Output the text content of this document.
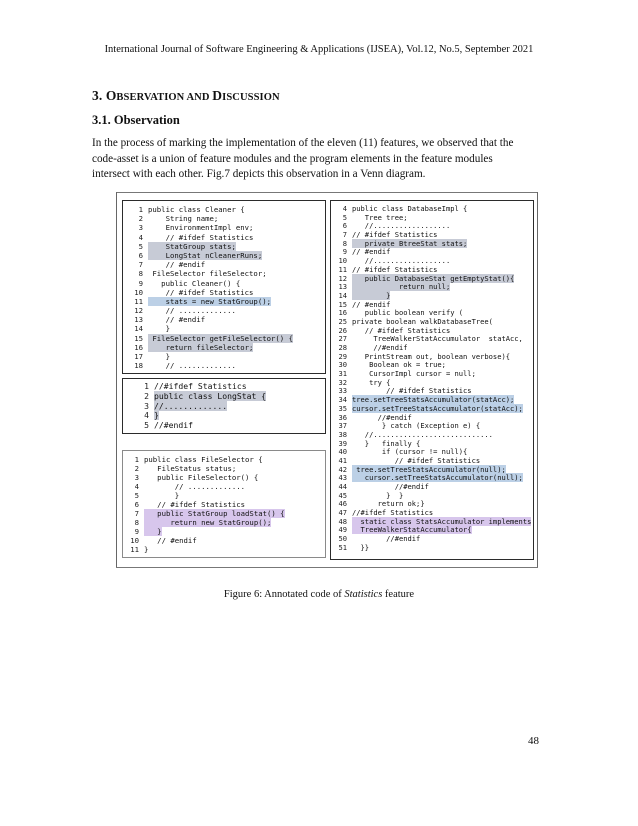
International Journal of Software Engineering & Applications (IJSEA), Vol.12, No.5, September 2021
3. OBSERVATION AND DISCUSSION
3.1. Observation
In the process of marking the implementation of the eleven (11) features, we observed that the code-asset is a union of feature modules and the program elements in the feature modules intersect with each other. Fig.7 depicts this observation in a Venn diagram.
1 public class Cleaner {
2    String name;
3    EnvironmentImpl env;
4    // #ifdef Statistics
5    StatGroup stats;
6    LongStat nCleanerRuns;
7    // #endif
8 FileSelector fileSelector;
9   public Cleaner() {
10    // #ifdef Statistics
11    stats = new StatGroup();
12    // .............
13    // #endif
14    }
15 FileSelector getFileSelector() {
16    return fileSelector;
17    }
18    // .............
1 //#ifdef Statistics
2 public class LongStat {
3 //.............
4 }
5 //#endif
1 public class FileSelector {
2   FileStatus status;
3   public FileSelector() {
4       // .............
5       }
6   // #ifdef Statistics
7   public StatGroup loadStat() {
8      return new StatGroup();
9   }
10   // #endif
11 }
4 public class DatabaseImpl {
5   Tree tree;
6   //..................
7 // #ifdef Statistics
8   private BtreeStat stats;
9 // #endif
10   //..................
11 // #ifdef Statistics
12   public DatabaseStat getEmptyStat(){
13           return null;
14        }
15 // #endif
16   public boolean verify (
25 private boolean walkDatabaseTree(
26   // #ifdef Statistics
27     TreeWalkerStatAccumulator  statAcc,
28     //#endif
29   PrintStream out, boolean verbose){
30    Boolean ok = true;
31    CursorImpl cursor = null;
32    try {
33        // #ifdef Statistics
34 tree.setTreeStatsAccumulator(statAcc);
35 cursor.setTreeStatsAccumulator(statAcc);
36      //#endif
37       } catch (Exception e) {
38   //............................
39   }   finally {
40       if (cursor != null){
41          // #ifdef Statistics
42 tree.setTreeStatsAccumulator(null);
43   cursor.setTreeStatsAccumulator(null);
44          //#endif
45        }  }
46      return ok;}
47 //#ifdef Statistics
48  static class StatsAccumulator implements
49  TreeWalkerStatAccumulator{
50        //#endif
51  }}
Figure 6: Annotated code of Statistics feature
48
